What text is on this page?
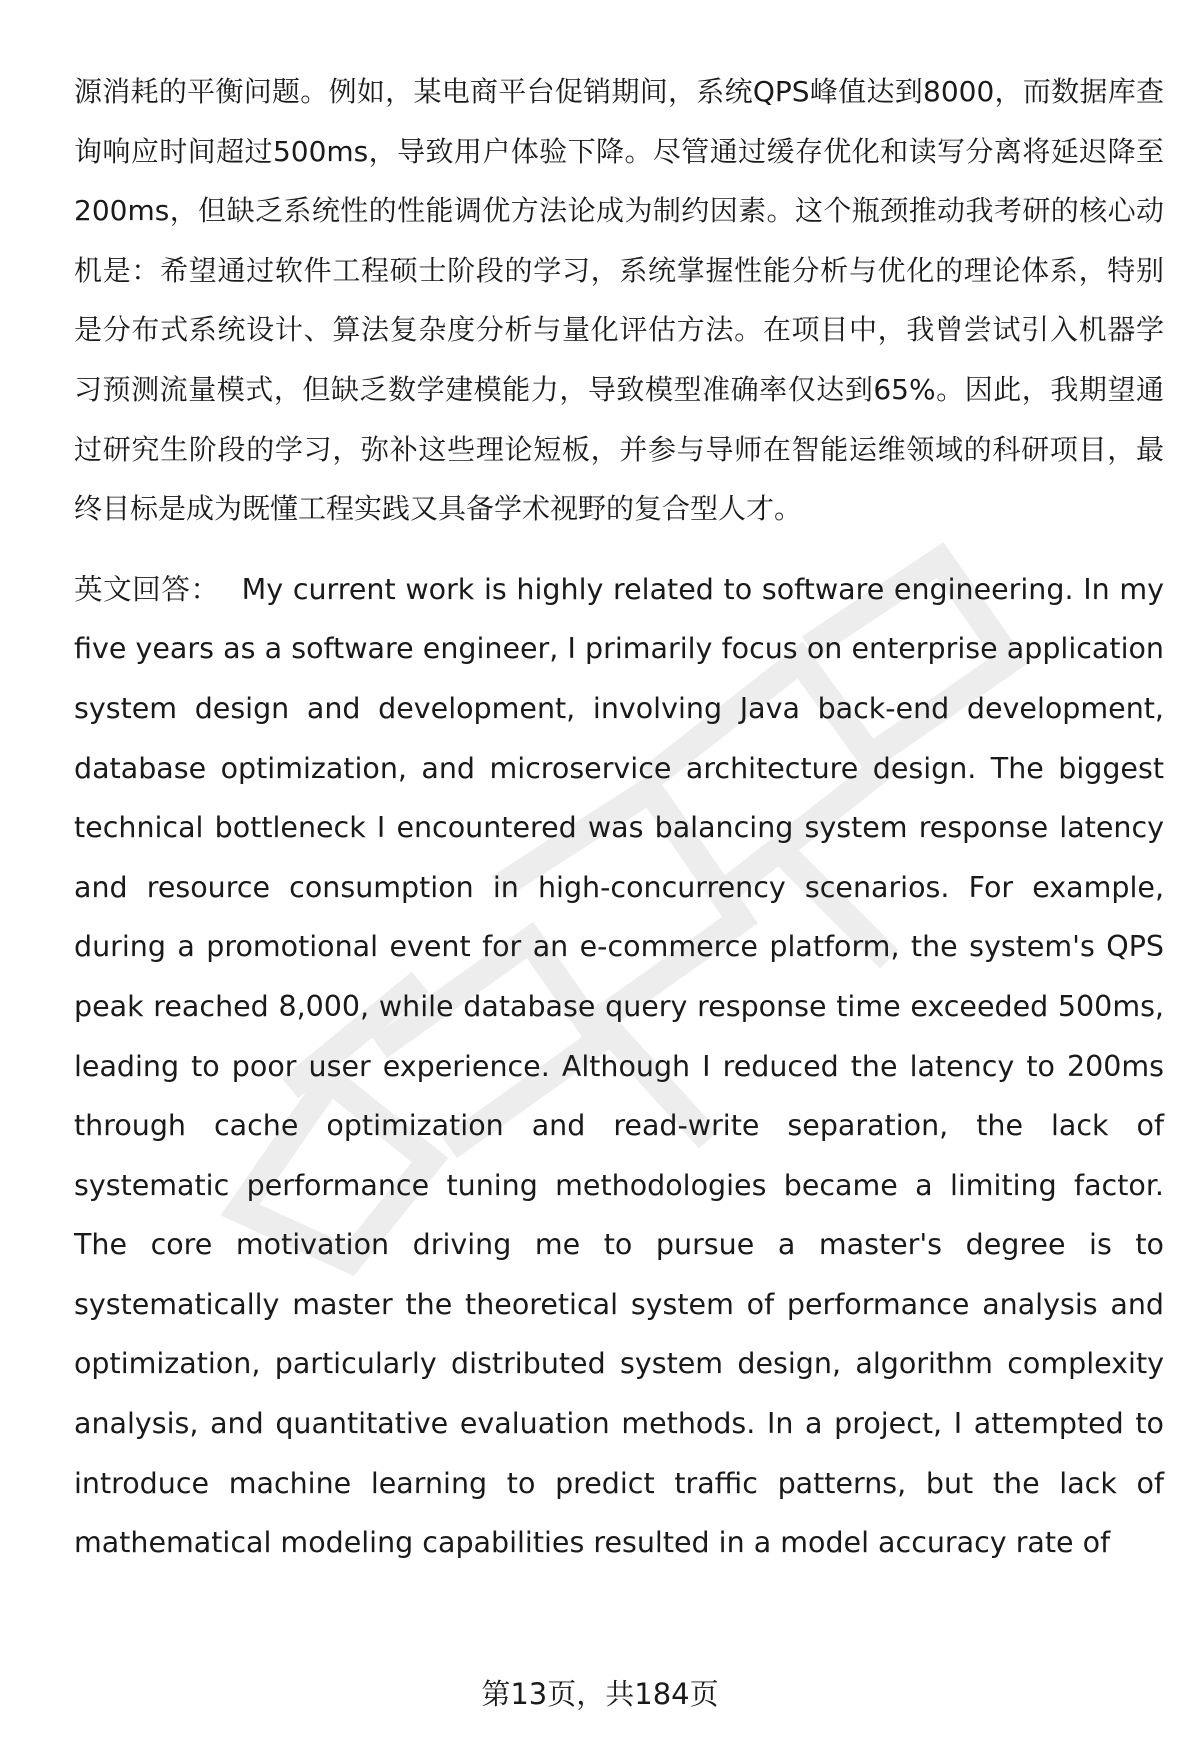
源消耗的平衡问题。例如，某电商平台促销期间，系统QPS峰值达到8000，而数据库查询响应时间超过500ms，导致用户体验下降。尽管通过缓存优化和读写分离将延迟降至200ms，但缺乏系统性的性能调优方法论成为制约因素。这个瓶颈推动我考研的核心动机是：希望通过软件工程硕士阶段的学习，系统掌握性能分析与优化的理论体系，特别是分布式系统设计、算法复杂度分析与量化评估方法。在项目中，我曾尝试引入机器学习预测流量模式，但缺乏数学建模能力，导致模型准确率仅达到65%。因此，我期望通过研究生阶段的学习，弥补这些理论短板，并参与导师在智能运维领域的科研项目，最终目标是成为既懂工程实践又具备学术视野的复合型人才。

英文回答： My current work is highly related to software engineering. In my five years as a software engineer, I primarily focus on enterprise application system design and development, involving Java back-end development, database optimization, and microservice architecture design. The biggest technical bottleneck I encountered was balancing system response latency and resource consumption in high-concurrency scenarios. For example, during a promotional event for an e-commerce platform, the system's QPS peak reached 8,000, while database query response time exceeded 500ms, leading to poor user experience. Although I reduced the latency to 200ms through cache optimization and read-write separation, the lack of systematic performance tuning methodologies became a limiting factor. The core motivation driving me to pursue a master's degree is to systematically master the theoretical system of performance analysis and optimization, particularly distributed system design, algorithm complexity analysis, and quantitative evaluation methods. In a project, I attempted to introduce machine learning to predict traffic patterns, but the lack of mathematical modeling capabilities resulted in a model accuracy rate of

第13页，共184页
